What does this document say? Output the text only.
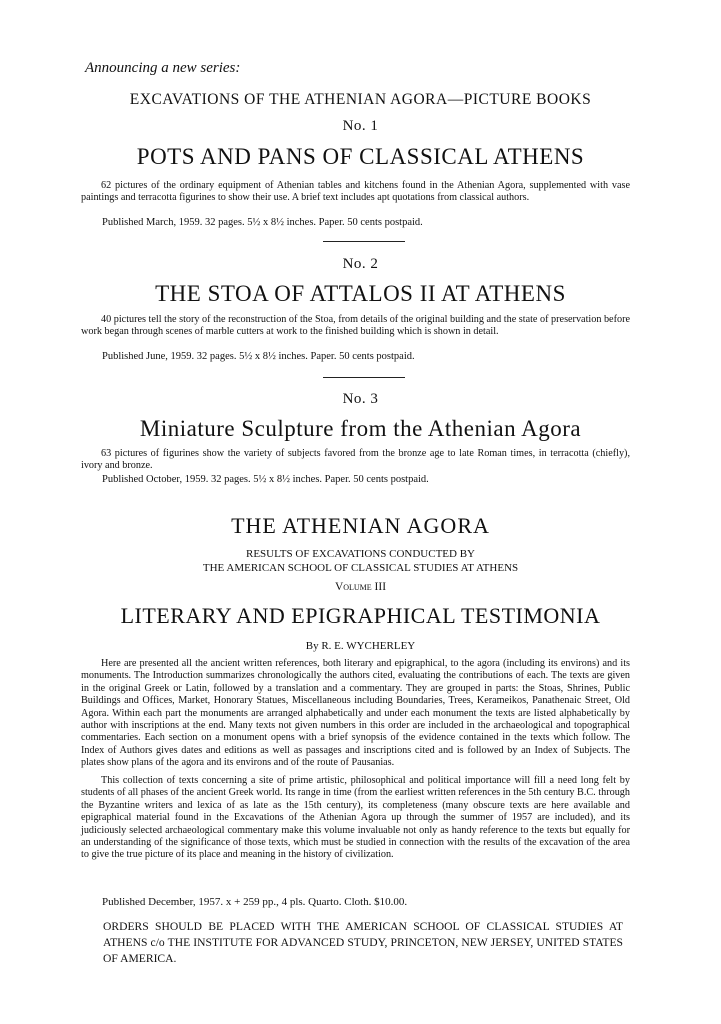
Announcing a new series:
EXCAVATIONS OF THE ATHENIAN AGORA—PICTURE BOOKS
No. 1
POTS AND PANS OF CLASSICAL ATHENS
62 pictures of the ordinary equipment of Athenian tables and kitchens found in the Athenian Agora, supplemented with vase paintings and terracotta figurines to show their use. A brief text includes apt quotations from classical authors.
Published March, 1959. 32 pages. 5½ x 8½ inches. Paper. 50 cents postpaid.
No. 2
THE STOA OF ATTALOS II AT ATHENS
40 pictures tell the story of the reconstruction of the Stoa, from details of the original building and the state of preservation before work began through scenes of marble cutters at work to the finished building which is shown in detail.
Published June, 1959. 32 pages. 5½ x 8½ inches. Paper. 50 cents postpaid.
No. 3
Miniature Sculpture from the Athenian Agora
63 pictures of figurines show the variety of subjects favored from the bronze age to late Roman times, in terracotta (chiefly), ivory and bronze.
Published October, 1959. 32 pages. 5½ x 8½ inches. Paper. 50 cents postpaid.
THE ATHENIAN AGORA
RESULTS OF EXCAVATIONS CONDUCTED BY
THE AMERICAN SCHOOL OF CLASSICAL STUDIES AT ATHENS
Volume III
LITERARY AND EPIGRAPHICAL TESTIMONIA
By R. E. WYCHERLEY
Here are presented all the ancient written references, both literary and epigraphical, to the agora (including its environs) and its monuments. The Introduction summarizes chronologically the authors cited, evaluating the contributions of each. The texts are given in the original Greek or Latin, followed by a translation and a commentary. They are grouped in parts: the Stoas, Shrines, Public Buildings and Offices, Market, Honorary Statues, Miscellaneous including Boundaries, Trees, Kerameikos, Panathenaic Street, Old Agora. Within each part the monuments are arranged alphabetically and under each monument the texts are listed alphabetically by author with inscriptions at the end. Many texts not given numbers in this order are included in the archaeological and topographical commentaries. Each section on a monument opens with a brief synopsis of the evidence contained in the texts which follow. The Index of Authors gives dates and editions as well as passages and inscriptions cited and is followed by an Index of Subjects. The plates show plans of the agora and its environs and of the route of Pausanias.
This collection of texts concerning a site of prime artistic, philosophical and political importance will fill a need long felt by students of all phases of the ancient Greek world. Its range in time (from the earliest written references in the 5th century B.C. through the Byzantine writers and lexica of as late as the 15th century), its completeness (many obscure texts are here available and epigraphical material found in the Excavations of the Athenian Agora up through the summer of 1957 are included), and its judiciously selected archaeological commentary make this volume invaluable not only as handy reference to the texts but equally for an understanding of the significance of those texts, which must be studied in connection with the results of the excavation of the area to give the true picture of its place and meaning in the history of civilization.
Published December, 1957. x + 259 pp., 4 pls. Quarto. Cloth. $10.00.
ORDERS SHOULD BE PLACED WITH THE AMERICAN SCHOOL OF CLASSICAL STUDIES AT ATHENS c/o THE INSTITUTE FOR ADVANCED STUDY, PRINCETON, NEW JERSEY, UNITED STATES OF AMERICA.
